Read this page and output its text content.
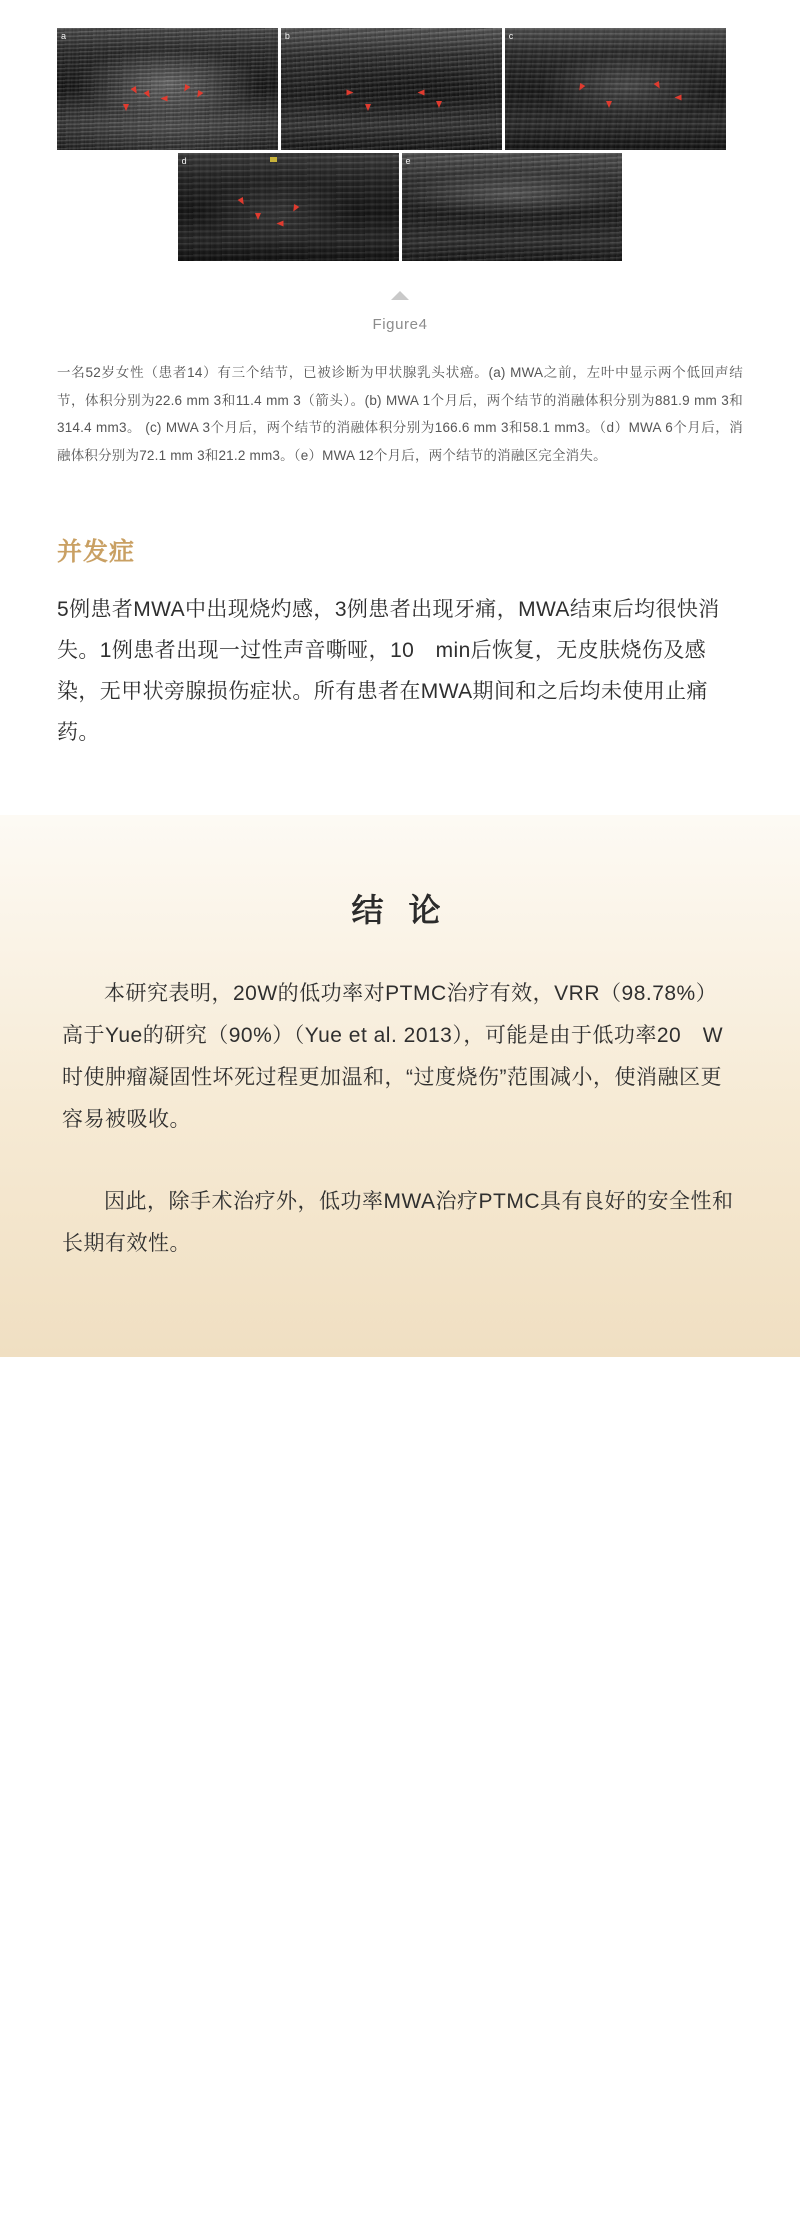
a	b	c
d	e
Figure4
一名52岁女性（患者14）有三个结节，已被诊断为甲状腺乳头状癌。(a) MWA之前，左叶中显示两个低回声结节，体积分别为22.6 mm 3和11.4 mm 3（箭头）。(b) MWA 1个月后，两个结节的消融体积分别为881.9 mm 3和314.4 mm3。 (c) MWA 3个月后，两个结节的消融体积分别为166.6 mm 3和58.1 mm3。（d）MWA 6个月后，消融体积分别为72.1 mm 3和21.2 mm3。（e）MWA 12个月后，两个结节的消融区完全消失。
并发症
5例患者MWA中出现烧灼感，3例患者出现牙痛，MWA结束后均很快消失。1例患者出现一过性声音嘶哑，10　min后恢复，无皮肤烧伤及感染，无甲状旁腺损伤症状。所有患者在MWA期间和之后均未使用止痛药。
结 论
本研究表明，20W的低功率对PTMC治疗有效，VRR（98.78%）高于Yue的研究（90%）（Yue et al. 2013），可能是由于低功率20　W时使肿瘤凝固性坏死过程更加温和，“过度烧伤”范围减小，使消融区更容易被吸收。
因此，除手术治疗外，低功率MWA治疗PTMC具有良好的安全性和长期有效性。
